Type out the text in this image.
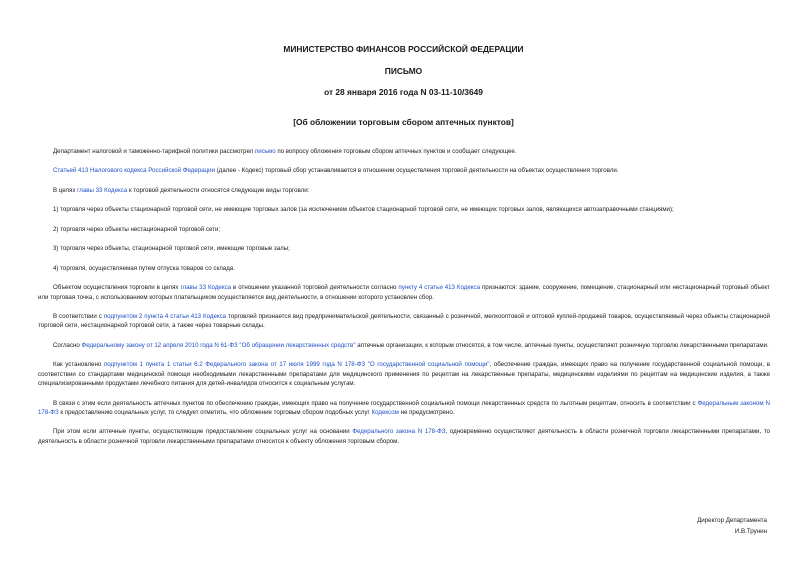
МИНИСТЕРСТВО ФИНАНСОВ РОССИЙСКОЙ ФЕДЕРАЦИИ
ПИСЬМО
от 28 января 2016 года N 03-11-10/3649
[Об обложении торговым сбором аптечных пунктов]

Департамент налоговой и таможенно-тарифной политики рассмотрел письмо по вопросу обложения торговым сбором аптечных пунктов и сообщает следующее.

Статьей 413 Налогового кодекса Российской Федерации (далее - Кодекс) торговый сбор устанавливается в отношении осуществления торговой деятельности на объектах осуществления торговли.

В целях главы 33 Кодекса к торговой деятельности относятся следующие виды торговли:

1) торговля через объекты стационарной торговой сети, не имеющие торговых залов (за исключением объектов стационарной торговой сети, не имеющих торговых залов, являющихся автозаправочными станциями);

2) торговля через объекты нестационарной торговой сети;

3) торговля через объекты, стационарной торговой сети, имеющие торговые залы;

4) торговля, осуществляемая путем отпуска товаров со склада.

Объектом осуществления торговли в целях главы 33 Кодекса в отношении указанной торговой деятельности согласно пункту 4 статьи 413 Кодекса признаются: здание, сооружение, помещение, стационарный или нестационарный торговый объект или торговая точка, с использованием которых плательщиком осуществляется вид деятельности, в отношении которого установлен сбор.

В соответствии с подпунктом 2 пункта 4 статьи 413 Кодекса торговлей признается вид предпринимательской деятельности, связанный с розничной, мелкооптовой и оптовой куплей-продажей товаров, осуществляемый через объекты стационарной торговой сети, нестационарной торговой сети, а также через товарные склады.

Согласно Федеральному закону от 12 апреля 2010 года N 61-ФЗ "Об обращении лекарственных средств" аптечные организации, к которым относятся, в том числе, аптечные пункты, осуществляют розничную торговлю лекарственными препаратами.

Как установлено подпунктом 1 пункта 1 статьи 6.2 Федерального закона от 17 июля 1999 года N 178-ФЗ "О государственной социальной помощи", обеспечение граждан, имеющих право на получение государственной социальной помощи, в соответствии со стандартами медицинской помощи необходимыми лекарственными препаратами для медицинского применения по рецептам на лекарственные препараты, медицинскими изделиями по рецептам на медицинские изделия, а также специализированными продуктами лечебного питания для детей-инвалидов относится к социальным услугам.

В связи с этим если деятельность аптечных пунктов по обеспечению граждан, имеющих право на получение государственной социальной помощи лекарственных средств по льготным рецептам, относить в соответствии с Федеральным законом N 178-ФЗ к предоставлению социальных услуг, то следует отметить, что обложение торговым сбором подобных услуг Кодексом не предусмотрено.

При этом если аптечные пункты, осуществляющие предоставление социальных услуг на основании Федерального закона N 178-ФЗ, одновременно осуществляют деятельность в области розничной торговли лекарственными препаратами, то деятельность в области розничной торговли лекарственными препаратами относится к объекту обложения торговым сбором.

Директор Департамента
И.В.Трунин
